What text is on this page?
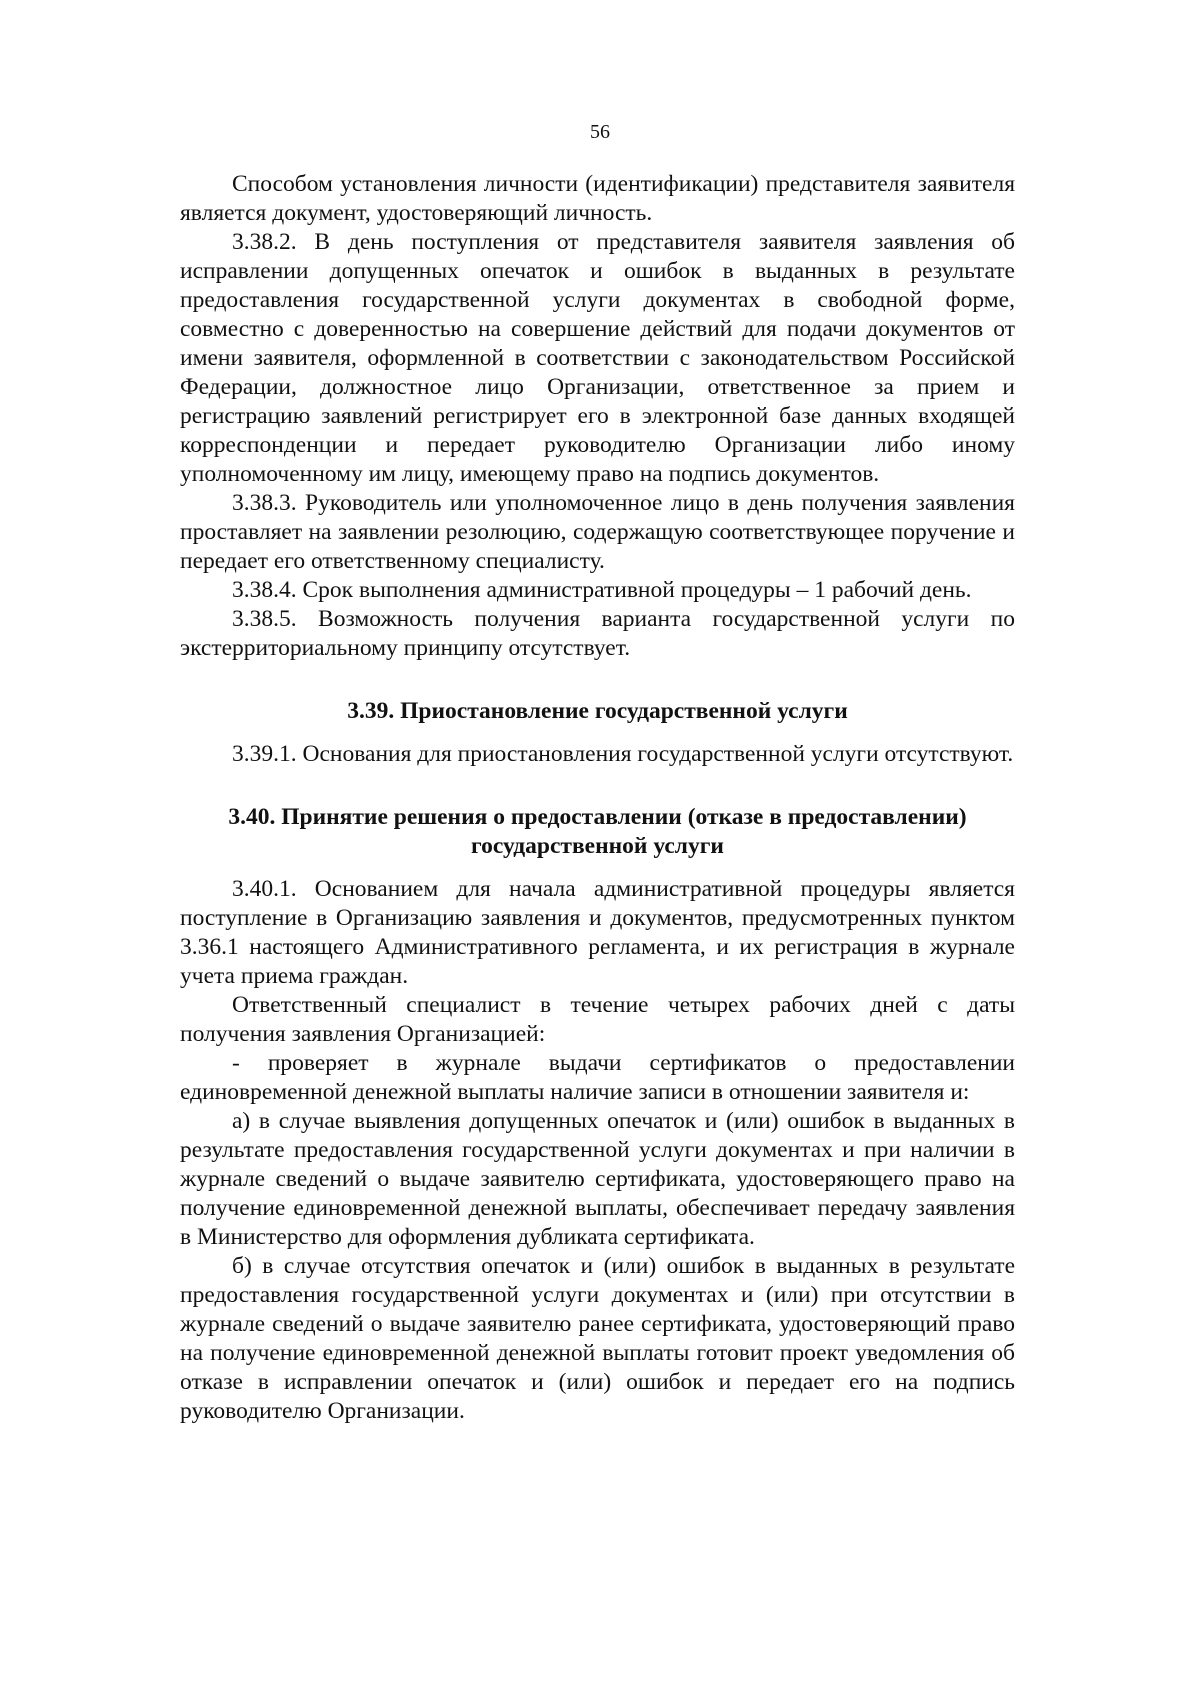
56

Способом установления личности (идентификации) представителя заявителя является документ, удостоверяющий личность.

3.38.2. В день поступления от представителя заявителя заявления об исправлении допущенных опечаток и ошибок в выданных в результате предоставления государственной услуги документах в свободной форме, совместно с доверенностью на совершение действий для подачи документов от имени заявителя, оформленной в соответствии с законодательством Российской Федерации, должностное лицо Организации, ответственное за прием и регистрацию заявлений регистрирует его в электронной базе данных входящей корреспонденции и передает руководителю Организации либо иному уполномоченному им лицу, имеющему право на подпись документов.

3.38.3. Руководитель или уполномоченное лицо в день получения заявления проставляет на заявлении резолюцию, содержащую соответствующее поручение и передает его ответственному специалисту.

3.38.4. Срок выполнения административной процедуры – 1 рабочий день.

3.38.5. Возможность получения варианта государственной услуги по экстерриториальному принципу отсутствует.

3.39. Приостановление государственной услуги

3.39.1. Основания для приостановления государственной услуги отсутствуют.

3.40. Принятие решения о предоставлении (отказе в предоставлении)
государственной услуги

3.40.1. Основанием для начала административной процедуры является поступление в Организацию заявления и документов, предусмотренных пунктом 3.36.1 настоящего Административного регламента, и их регистрация в журнале учета приема граждан.

Ответственный специалист в течение четырех рабочих дней с даты получения заявления Организацией:

- проверяет в журнале выдачи сертификатов о предоставлении единовременной денежной выплаты наличие записи в отношении заявителя и:

а) в случае выявления допущенных опечаток и (или) ошибок в выданных в результате предоставления государственной услуги документах и при наличии в журнале сведений о выдаче заявителю сертификата, удостоверяющего право на получение единовременной денежной выплаты, обеспечивает передачу заявления в Министерство для оформления дубликата сертификата.

б) в случае отсутствия опечаток и (или) ошибок в выданных в результате предоставления государственной услуги документах и (или) при отсутствии в журнале сведений о выдаче заявителю ранее сертификата, удостоверяющий право на получение единовременной денежной выплаты готовит проект уведомления об отказе в исправлении опечаток и (или) ошибок и передает его на подпись руководителю Организации.
